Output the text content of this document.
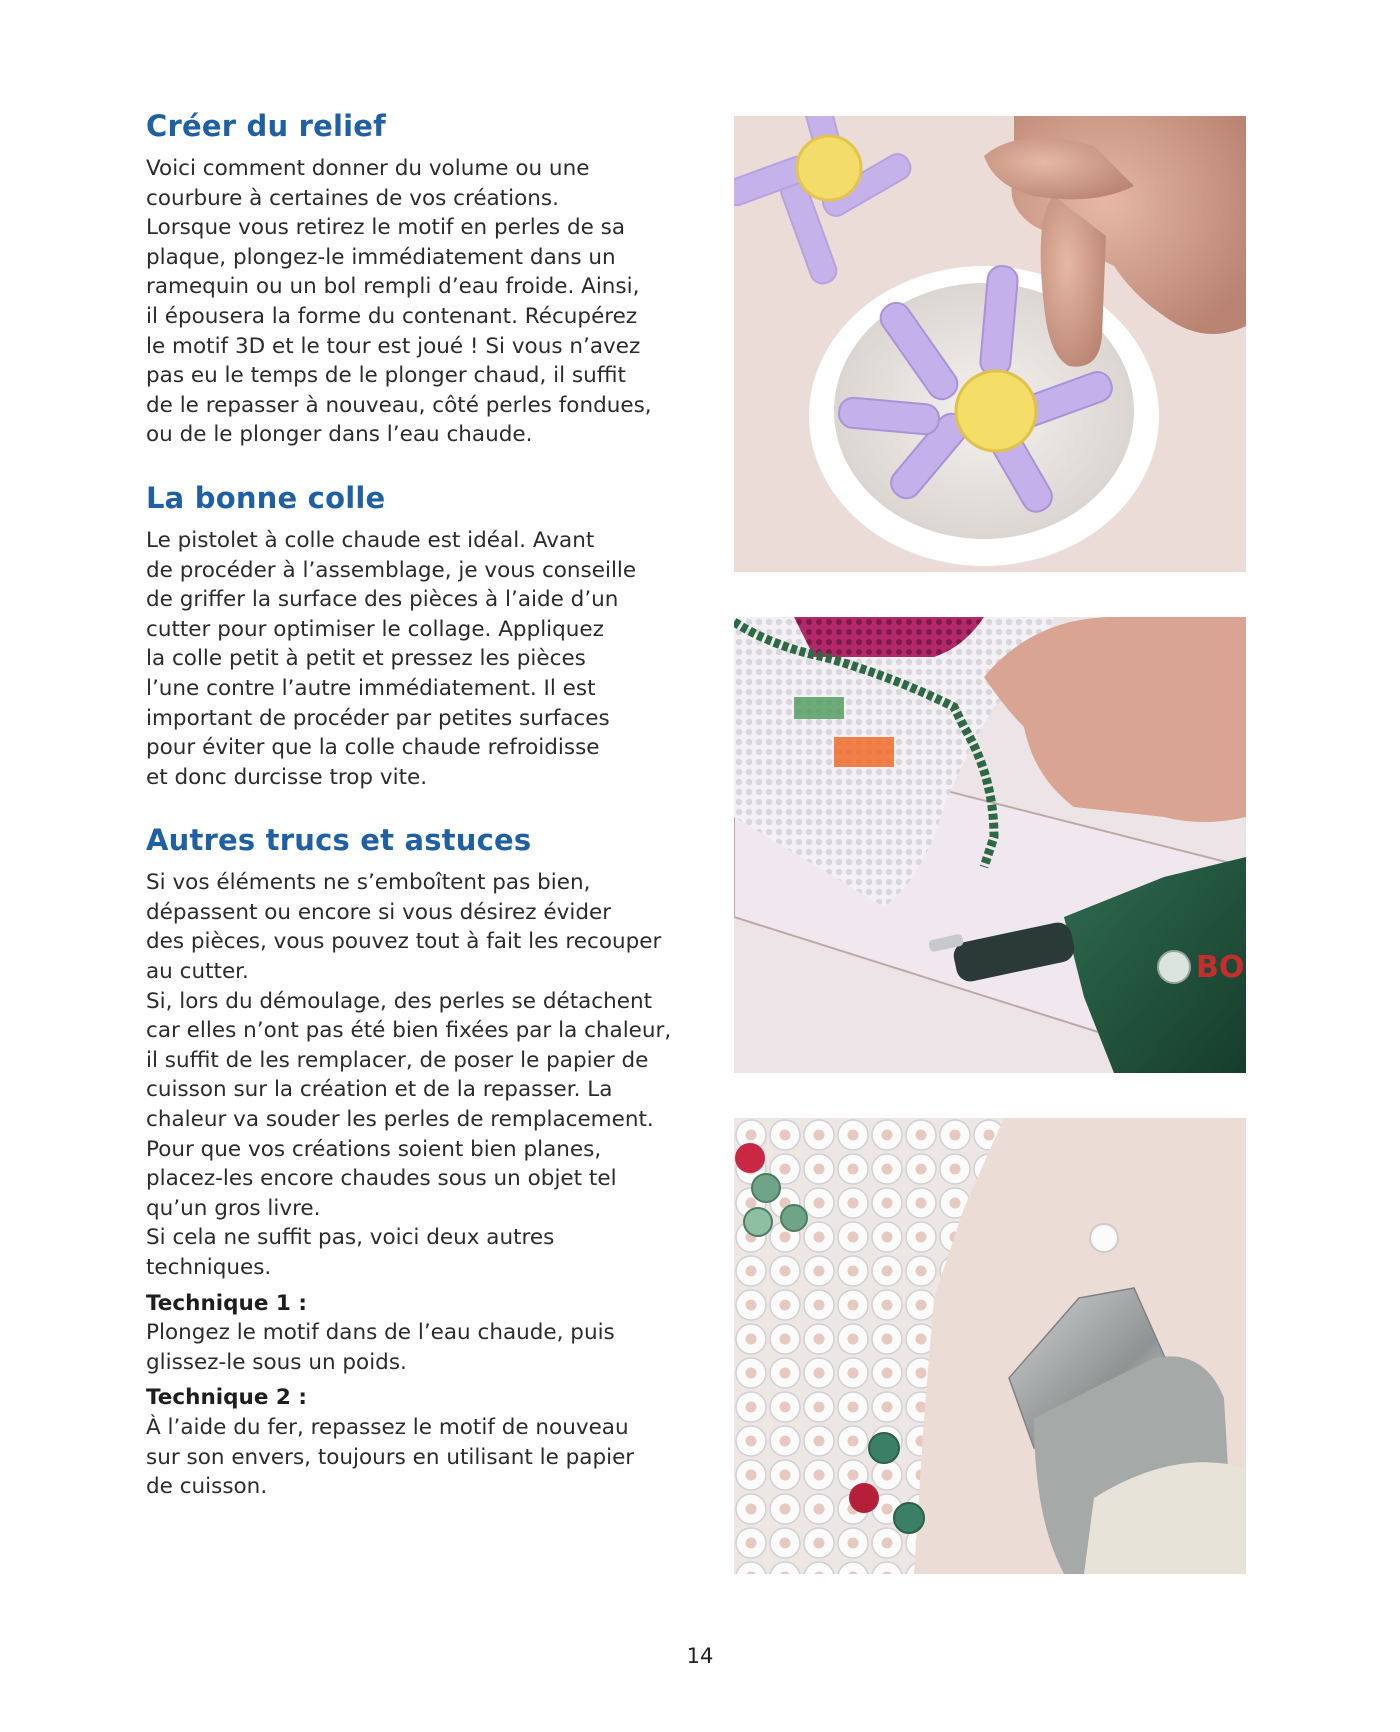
Créer du relief
Voici comment donner du volume ou une
courbure à certaines de vos créations.
Lorsque vous retirez le motif en perles de sa
plaque, plongez-le immédiatement dans un
ramequin ou un bol rempli d’eau froide. Ainsi,
il épousera la forme du contenant. Récupérez
le motif 3D et le tour est joué ! Si vous n’avez
pas eu le temps de le plonger chaud, il suffit
de le repasser à nouveau, côté perles fondues,
ou de le plonger dans l’eau chaude.
La bonne colle
Le pistolet à colle chaude est idéal. Avant
de procéder à l’assemblage, je vous conseille
de griffer la surface des pièces à l’aide d’un
cutter pour optimiser le collage. Appliquez
la colle petit à petit et pressez les pièces
l’une contre l’autre immédiatement. Il est
important de procéder par petites surfaces
pour éviter que la colle chaude refroidisse
et donc durcisse trop vite.
Autres trucs et astuces
Si vos éléments ne s’emboîtent pas bien,
dépassent ou encore si vous désirez évider
des pièces, vous pouvez tout à fait les recouper
au cutter.
Si, lors du démoulage, des perles se détachent
car elles n’ont pas été bien fixées par la chaleur,
il suffit de les remplacer, de poser le papier de
cuisson sur la création et de la repasser. La
chaleur va souder les perles de remplacement.
Pour que vos créations soient bien planes,
placez-les encore chaudes sous un objet tel
qu’un gros livre.
Si cela ne suffit pas, voici deux autres
techniques.
Technique 1 :
Plongez le motif dans de l’eau chaude, puis
glissez-le sous un poids.
Technique 2 :
À l’aide du fer, repassez le motif de nouveau
sur son envers, toujours en utilisant le papier
de cuisson.
BO
14
